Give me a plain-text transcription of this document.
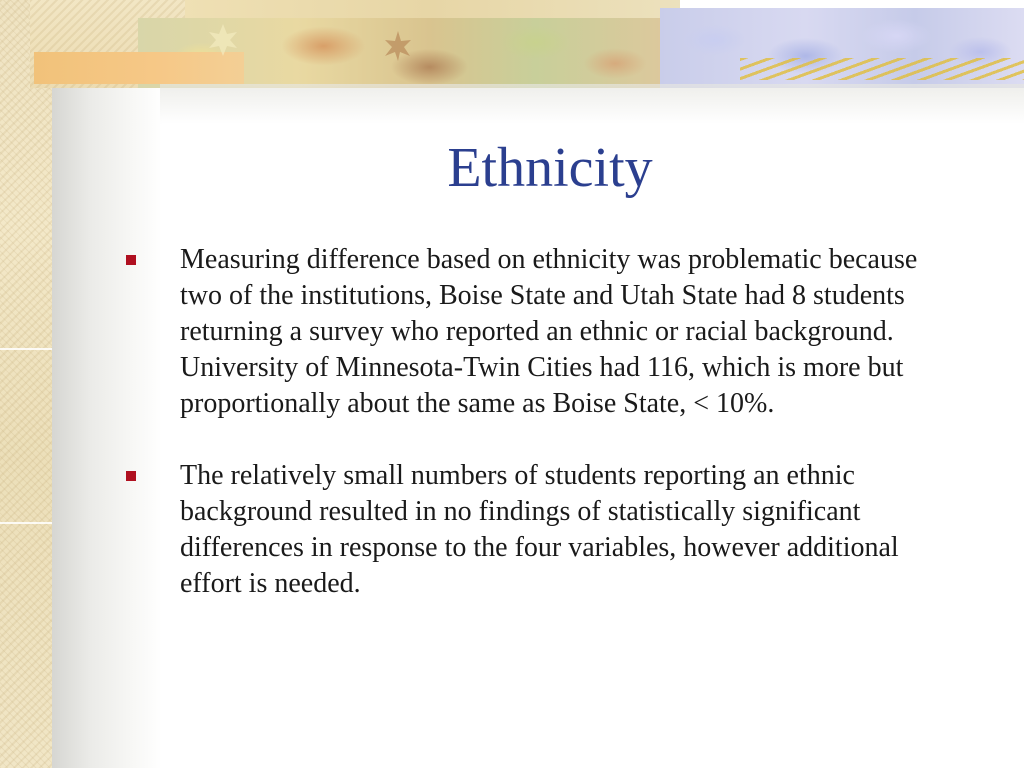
Ethnicity
Measuring difference based on ethnicity was problematic because two of the institutions, Boise State and Utah State had 8 students returning a survey who reported an ethnic or racial background. University of Minnesota-Twin Cities had 116, which is more but proportionally about the same as Boise State, < 10%.
The relatively small numbers of students reporting an ethnic background resulted in no findings of statistically significant differences in response to the four variables, however additional effort is needed.
